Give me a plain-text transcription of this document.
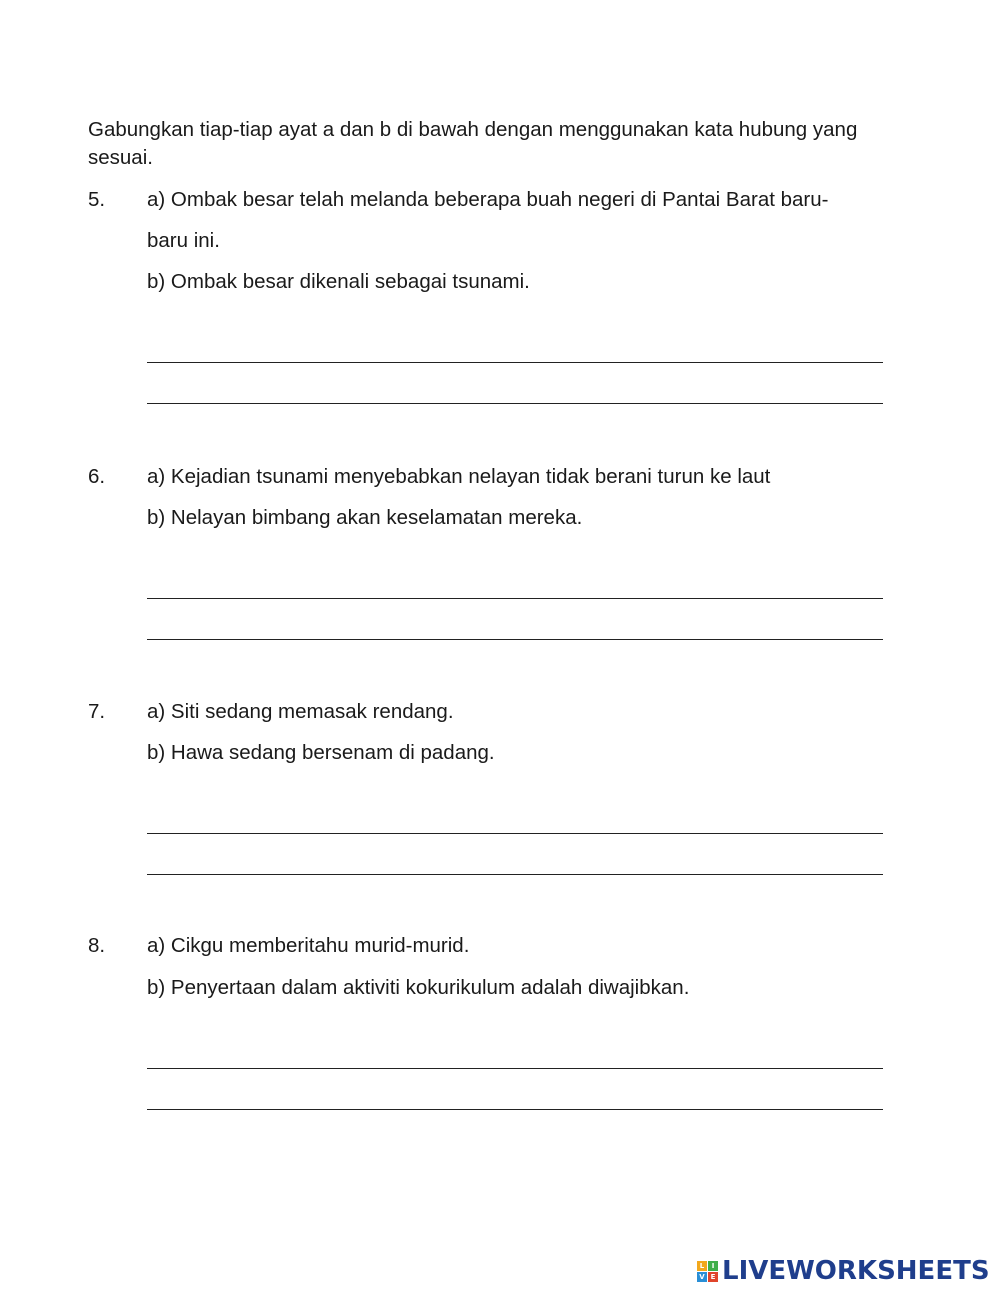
Gabungkan tiap-tiap ayat a dan b di bawah dengan menggunakan kata hubung yang sesuai.

5. a) Ombak besar telah melanda beberapa buah negeri di Pantai Barat baru-
baru ini.
b) Ombak besar dikenali sebagai tsunami.
6. a) Kejadian tsunami menyebabkan nelayan tidak berani turun ke laut
b) Nelayan bimbang akan keselamatan mereka.
7. a) Siti sedang memasak rendang.
b) Hawa sedang bersenam di padang.
8. a) Cikgu memberitahu murid-murid.
b) Penyertaan dalam aktiviti kokurikulum adalah diwajibkan.
L	I
V E LIVEWORKSHEETS
